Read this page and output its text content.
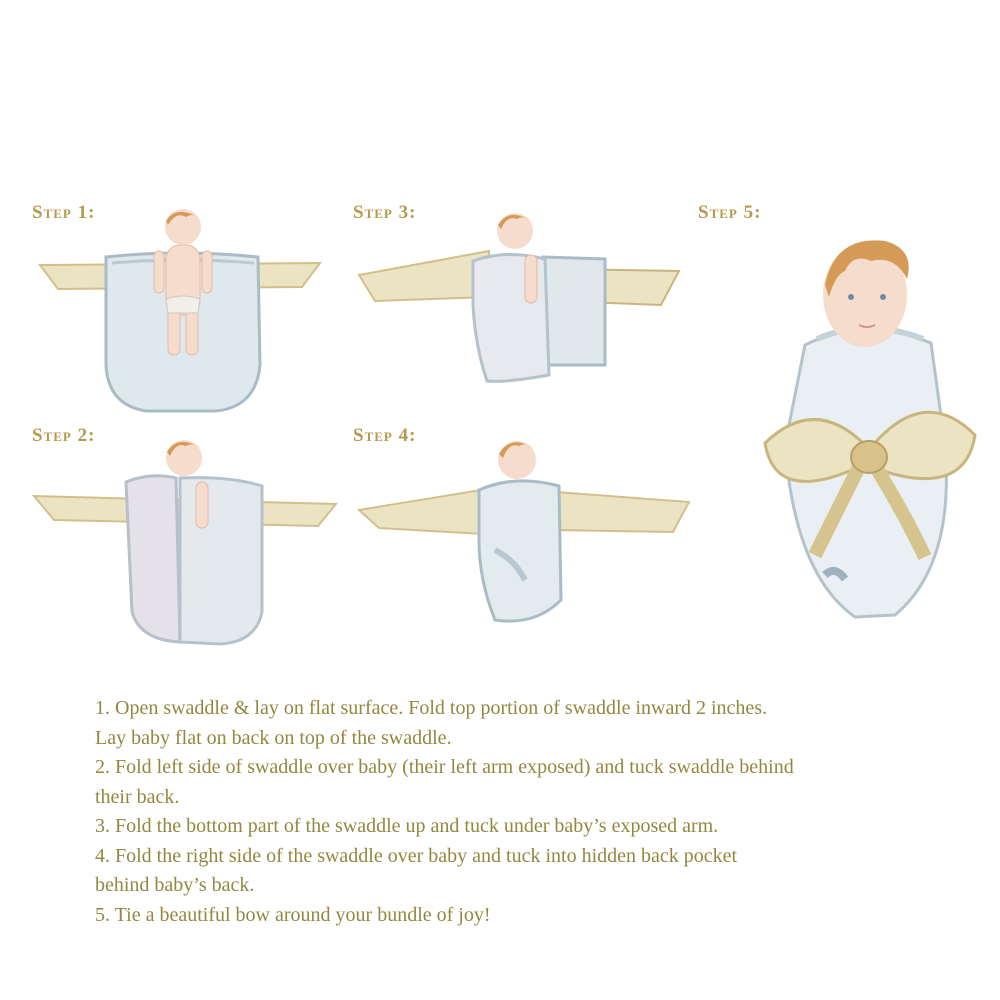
Step 1:
Step 2:
Step 3:
Step 4:
Step 5:

1. Open swaddle & lay on flat surface. Fold top portion of swaddle inward 2 inches.

Lay baby flat on back on top of the swaddle.

2. Fold left side of swaddle over baby (their left arm exposed) and tuck swaddle behind

their back.

3. Fold the bottom part of the swaddle up and tuck under baby’s exposed arm.

4. Fold the right side of the swaddle over baby and tuck into hidden back pocket

behind baby’s back.

5. Tie a beautiful bow around your bundle of joy!
